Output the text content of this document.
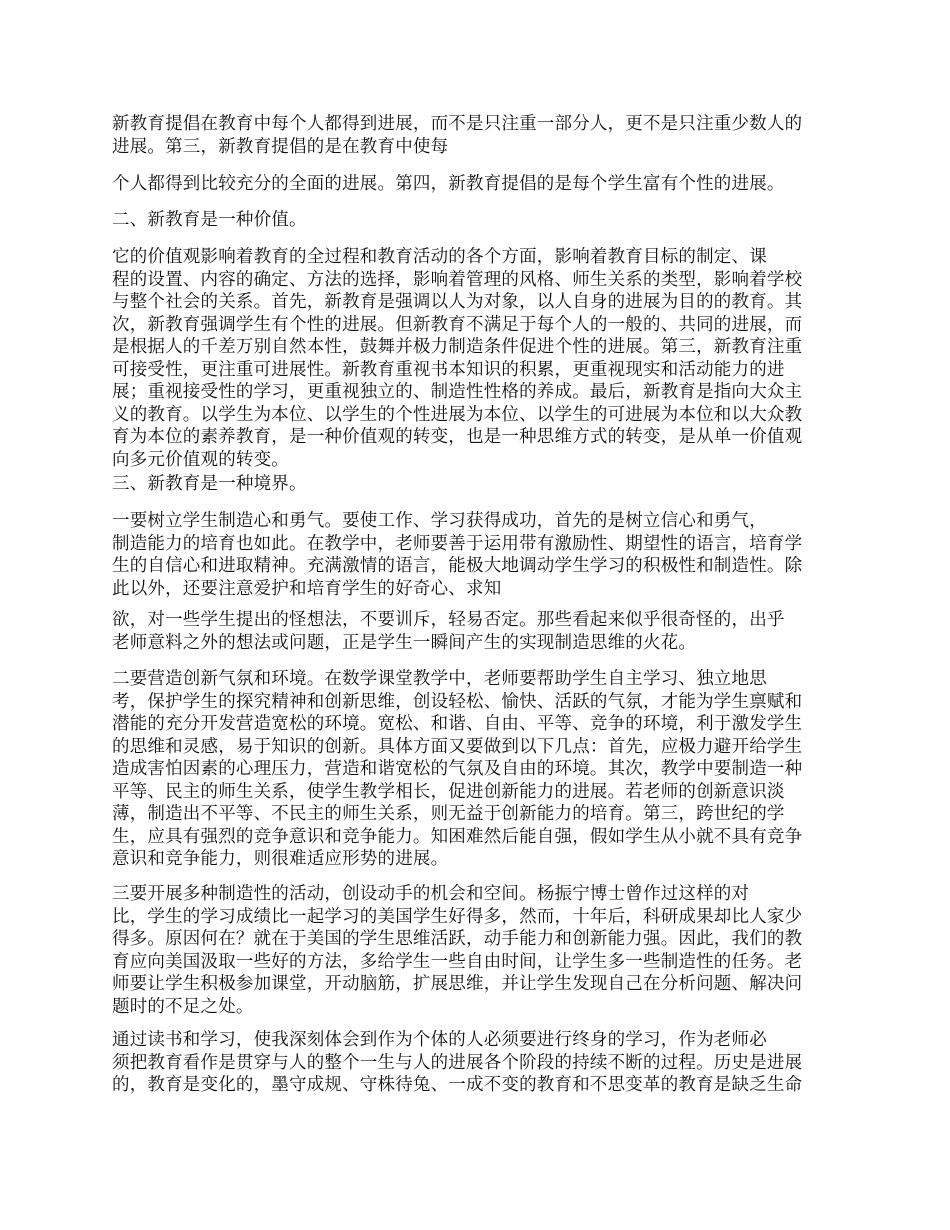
新教育提倡在教育中每个人都得到进展，而不是只注重一部分人，更不是只注重少数人的
进展。第三，新教育提倡的是在教育中使每

个人都得到比较充分的全面的进展。第四，新教育提倡的是每个学生富有个性的进展。

二、新教育是一种价值。

它的价值观影响着教育的全过程和教育活动的各个方面，影响着教育目标的制定、课
程的设置、内容的确定、方法的选择，影响着管理的风格、师生关系的类型，影响着学校
与整个社会的关系。首先，新教育是强调以人为对象，以人自身的进展为目的的教育。其
次，新教育强调学生有个性的进展。但新教育不满足于每个人的一般的、共同的进展，而
是根据人的千差万别自然本性，鼓舞并极力制造条件促进个性的进展。第三，新教育注重
可接受性，更注重可进展性。新教育重视书本知识的积累，更重视现实和活动能力的进
展；重视接受性的学习，更重视独立的、制造性性格的养成。最后，新教育是指向大众主
义的教育。以学生为本位、以学生的个性进展为本位、以学生的可进展为本位和以大众教
育为本位的素养教育，是一种价值观的转变，也是一种思维方式的转变，是从单一价值观
向多元价值观的转变。

三、新教育是一种境界。

一要树立学生制造心和勇气。要使工作、学习获得成功，首先的是树立信心和勇气，
制造能力的培育也如此。在教学中，老师要善于运用带有激励性、期望性的语言，培育学
生的自信心和进取精神。充满激情的语言，能极大地调动学生学习的积极性和制造性。除
此以外，还要注意爱护和培育学生的好奇心、求知

欲，对一些学生提出的怪想法，不要训斥，轻易否定。那些看起来似乎很奇怪的，出乎
老师意料之外的想法或问题，正是学生一瞬间产生的实现制造思维的火花。

二要营造创新气氛和环境。在数学课堂教学中，老师要帮助学生自主学习、独立地思
考，保护学生的探究精神和创新思维，创设轻松、愉快、活跃的气氛，才能为学生禀赋和
潜能的充分开发营造宽松的环境。宽松、和谐、自由、平等、竞争的环境，利于激发学生
的思维和灵感，易于知识的创新。具体方面又要做到以下几点：首先，应极力避开给学生
造成害怕因素的心理压力，营造和谐宽松的气氛及自由的环境。其次，教学中要制造一种
平等、民主的师生关系，使学生教学相长，促进创新能力的进展。若老师的创新意识淡
薄，制造出不平等、不民主的师生关系，则无益于创新能力的培育。第三，跨世纪的学
生，应具有强烈的竞争意识和竞争能力。知困难然后能自强，假如学生从小就不具有竞争
意识和竞争能力，则很难适应形势的进展。

三要开展多种制造性的活动，创设动手的机会和空间。杨振宁博士曾作过这样的对
比，学生的学习成绩比一起学习的美国学生好得多，然而，十年后，科研成果却比人家少
得多。原因何在？就在于美国的学生思维活跃，动手能力和创新能力强。因此，我们的教
育应向美国汲取一些好的方法，多给学生一些自由时间，让学生多一些制造性的任务。老
师要让学生积极参加课堂，开动脑筋，扩展思维，并让学生发现自己在分析问题、解决问
题时的不足之处。

通过读书和学习，使我深刻体会到作为个体的人必须要进行终身的学习，作为老师必
须把教育看作是贯穿与人的整个一生与人的进展各个阶段的持续不断的过程。历史是进展
的，教育是变化的，墨守成规、守株待兔、一成不变的教育和不思变革的教育是缺乏生命
